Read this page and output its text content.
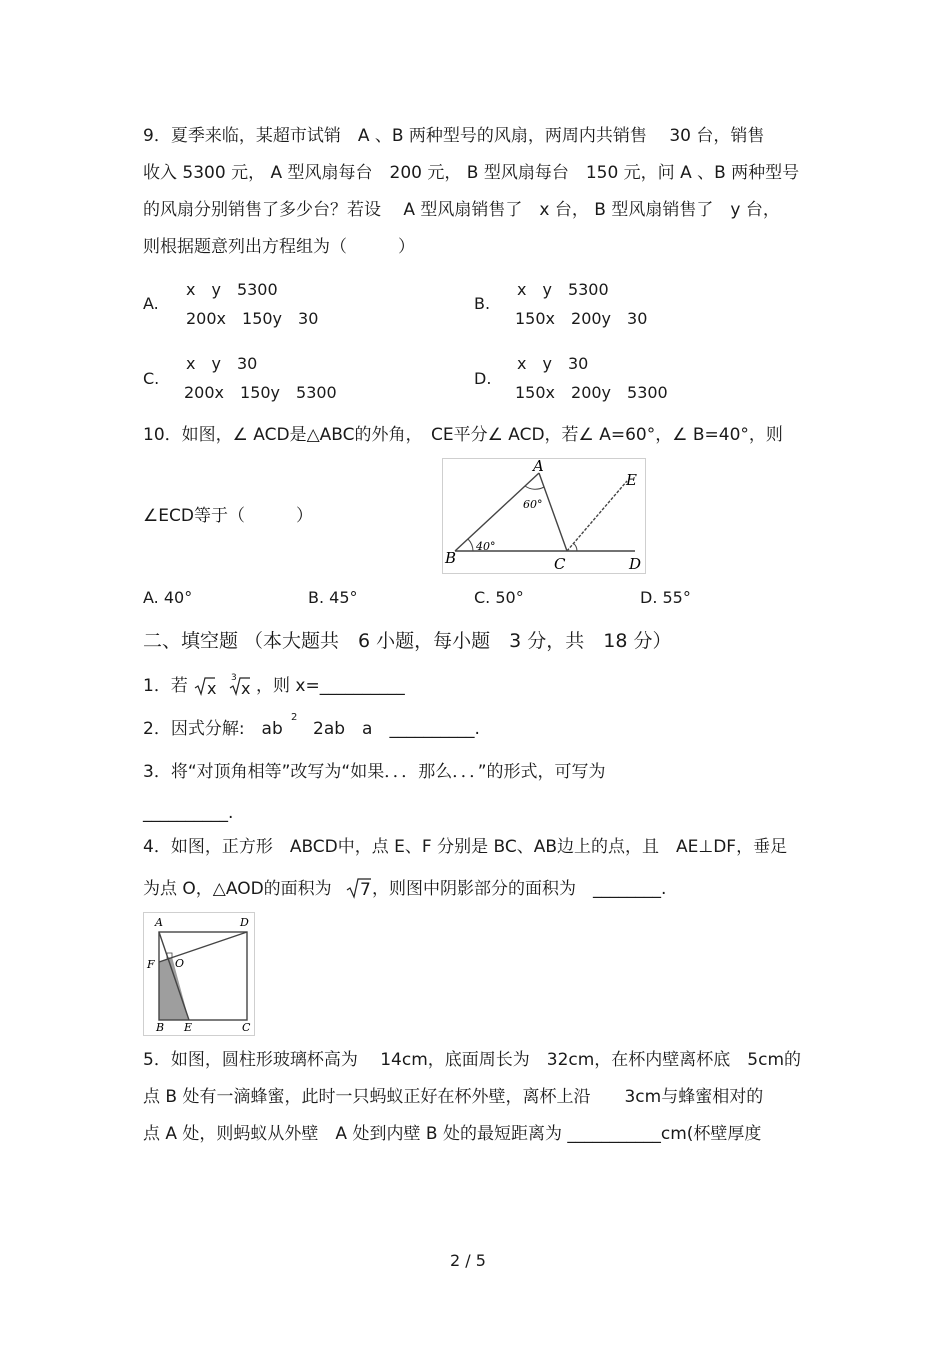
9．夏季来临，某超市试销　A 、B 两种型号的风扇，两周内共销售　 30 台，销售
收入 5300 元， A 型风扇每台　200 元， B 型风扇每台　150 元，问 A 、B 两种型号
的风扇分别销售了多少台？若设　 A 型风扇销售了　x 台， B 型风扇销售了　y 台，
则根据题意列出方程组为（　　　）
A.
x　y　5300
200x　150y　30
B.
x　y　5300
150x　200y　30
C.
x　y　30
200x　150y　5300
D.
x　y　30
150x　200y　5300
10．如图，∠ ACD是△ABC的外角，　CE平分∠ ACD，若∠ A=60°，∠ B=40°，则
∠ECD等于（　　　）
A
B	C	D
E
60°
40°
A. 40°	B. 45°	C. 50°	D. 55°
二、填空题 （本大题共　6 小题，每小题　3 分，共　18 分）
1．若 x
3
x ，则 x=__________
2．因式分解:　ab
2
　2ab　a　__________.
3．将“对顶角相等”改写为“如果．．．那么．．．”的形式，可写为
__________.
4．如图，正方形　ABCD中，点 E、F 分别是 BC、AB边上的点，且　AE⊥DF，垂足
为点 O，△AOD的面积为 7 ，则图中阴影部分的面积为　________.
A	D
F O
B E	C
5．如图，圆柱形玻璃杯高为　 14cm，底面周长为　32cm，在杯内壁离杯底　5cm的
点 B 处有一滴蜂蜜，此时一只蚂蚁正好在杯外壁，离杯上沿　　3cm与蜂蜜相对的
点 A 处，则蚂蚁从外壁　A 处到内壁 B 处的最短距离为 ___________cm(杯壁厚度
2 / 5
